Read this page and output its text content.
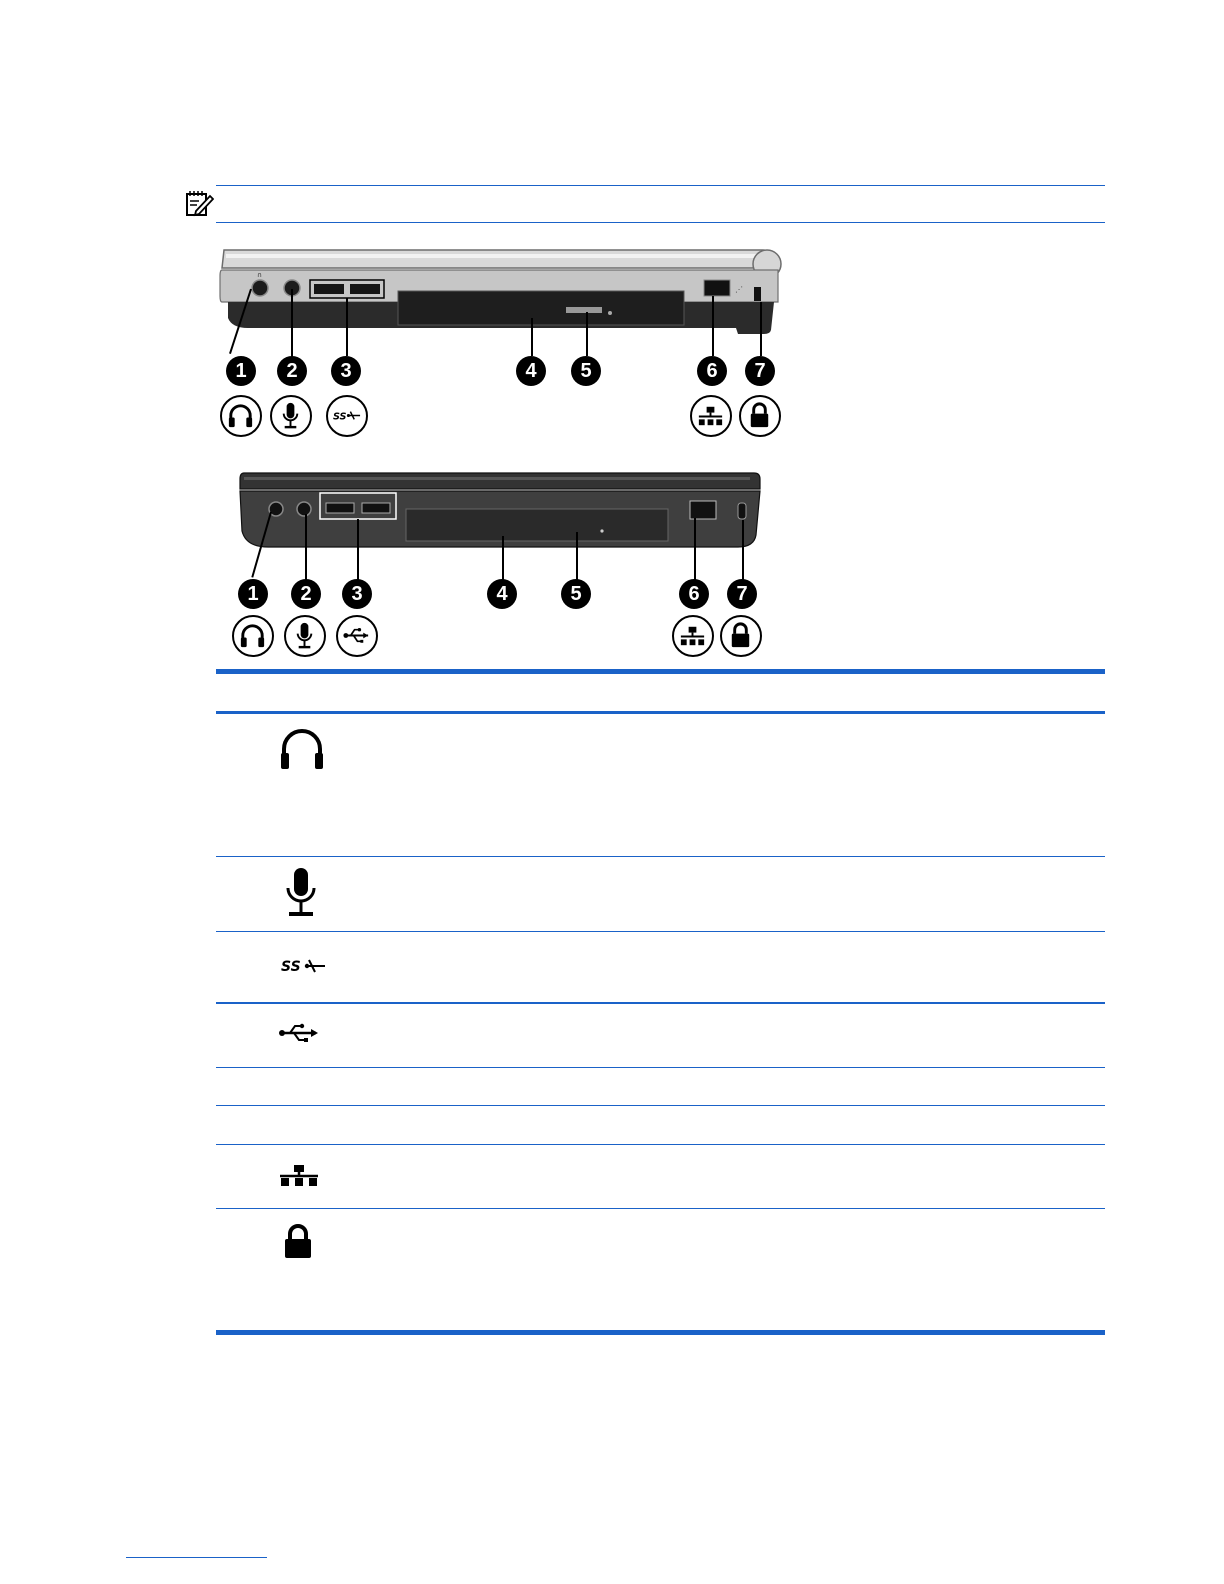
∩
⋰
1	2	3	4	5	6	7
SS
1	2	3	4	5	6	7
SS
